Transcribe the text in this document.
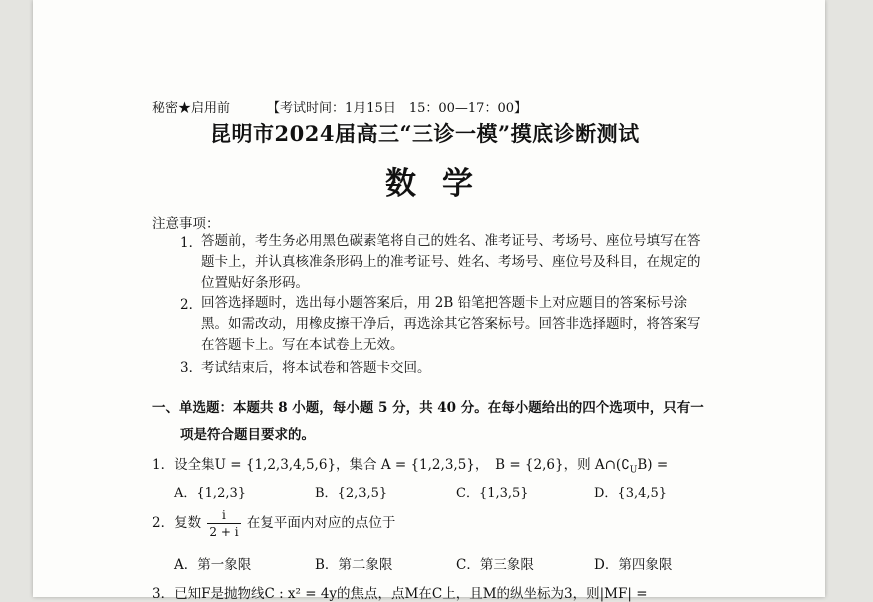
秘密★启用前	【考试时间：1月15日　15：00—17：00】
昆明市2024届高三“三诊一模”摸底诊断测试
数学
注意事项：
1．
答题前，考生务必用黑色碳素笔将自己的姓名、准考证号、考场号、座位号填写在答题卡上，并认真核准条形码上的准考证号、姓名、考场号、座位号及科目，在规定的位置贴好条形码。
2．
回答选择题时，选出每小题答案后，用 2B 铅笔把答题卡上对应题目的答案标号涂黑。如需改动，用橡皮擦干净后，再选涂其它答案标号。回答非选择题时，将答案写在答题卡上。写在本试卷上无效。
3．
考试结束后，将本试卷和答题卡交回。
一、单选题：本题共 8 小题，每小题 5 分，共 40 分。在每小题给出的四个选项中，只有一
项是符合题目要求的。
1．设全集U = {1,2,3,4,5,6}，集合 A = {1,2,3,5}，　B = {2,6}，则 $A\cap(∁_UB)$ =
A．{1,2,3}	B．{2,3,5}	C．{1,3,5}	D．{3,4,5}
2．复数 $\frac{i}{2 + i}$ 在复平面内对应的点位于
A．第一象限	B．第二象限	C．第三象限	D．第四象限
3．已知F是抛物线C : x² = 4y的焦点，点M在C上，且M的纵坐标为3，则|MF| =
